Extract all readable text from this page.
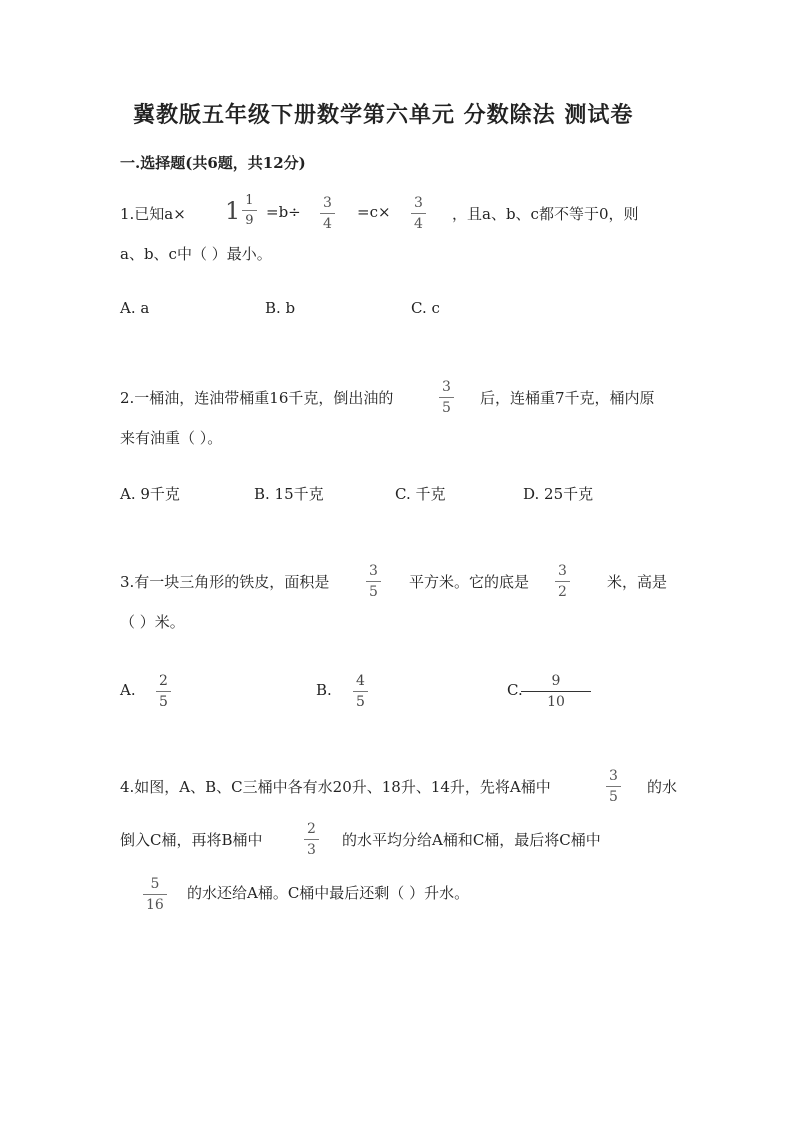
冀教版五年级下册数学第六单元 分数除法 测试卷
一.选择题(共6题，共12分)
1.已知$a\times 1 \frac{1}{9} =b\div \frac{3}{4} =c\times \frac{3}{4}$ ，且a、b、c都不等于0，则
a、b、c中（ ）最小。
A. a	B. b	C. c
2.一桶油，连油带桶重16千克，倒出油的	$\frac{3}{5}$ 后，连桶重7千克，桶内原
来有油重（ ）。
A. 9千克	B. 15千克	C. 千克	D. 25千克
3.有一块三角形的铁皮，面积是	$\frac{3}{5}$ 平方米。它的底是 $\frac{3}{2}$ 米，高是
（ ）米。
A. $\frac{2}{5}$	B. $\frac{4}{5}$	C. $\frac{9}{10}$
4.如图，A、B、C三桶中各有水20升、18升、14升，先将A桶中	$\frac{3}{5}$ 的水
倒入C桶，再将B桶中	$\frac{2}{3}$ 的水平均分给A桶和C桶，最后将C桶中
$\frac{5}{16}$ 的水还给A桶。C桶中最后还剩（ ）升水。
